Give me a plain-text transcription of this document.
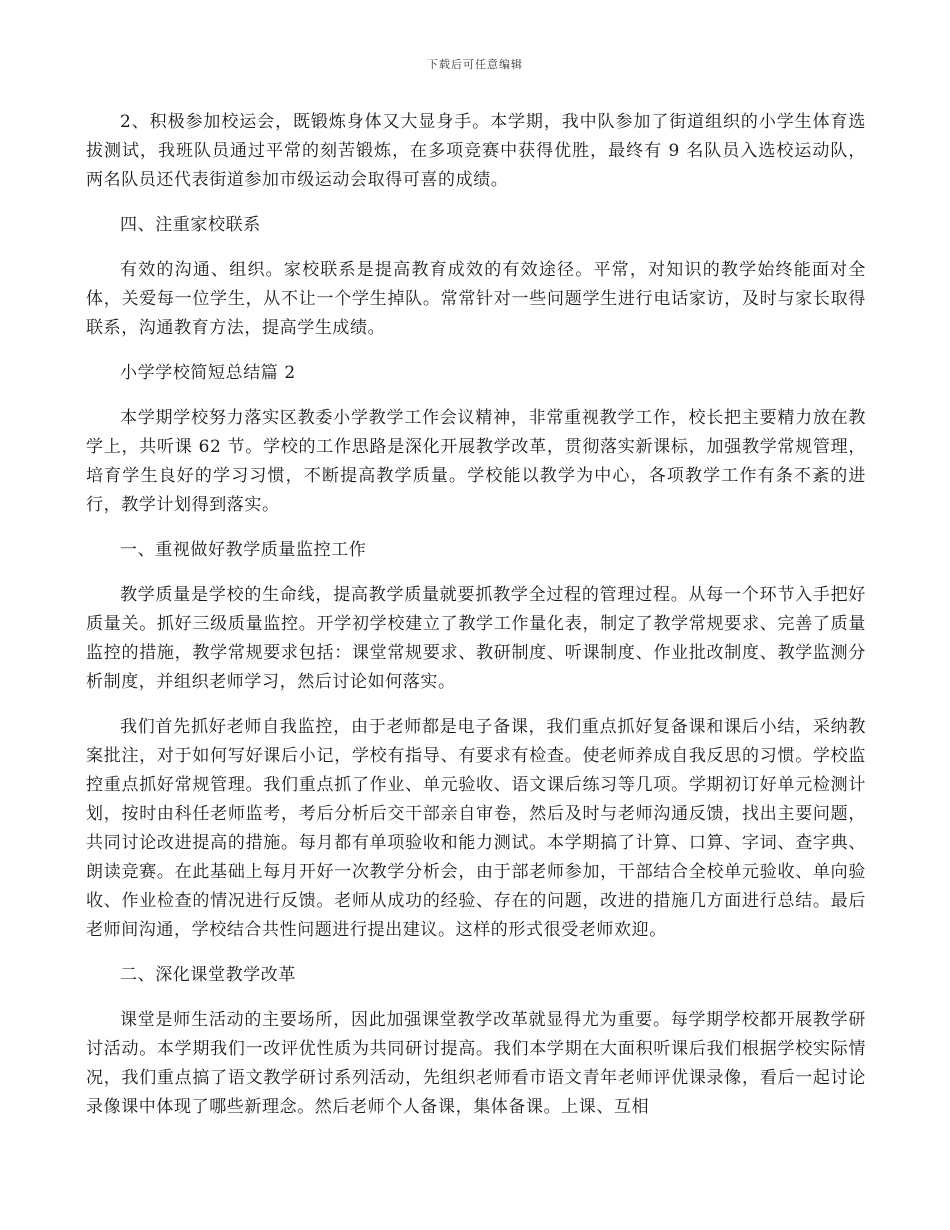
下载后可任意编辑

2、积极参加校运会，既锻炼身体又大显身手。本学期，我中队参加了街道组织的小学生体育选拔测试，我班队员通过平常的刻苦锻炼，在多项竞赛中获得优胜，最终有 9 名队员入选校运动队，两名队员还代表街道参加市级运动会取得可喜的成绩。

四、注重家校联系

有效的沟通、组织。家校联系是提高教育成效的有效途径。平常，对知识的教学始终能面对全体，关爱每一位学生，从不让一个学生掉队。常常针对一些问题学生进行电话家访，及时与家长取得联系，沟通教育方法，提高学生成绩。

小学学校简短总结篇 2

本学期学校努力落实区教委小学教学工作会议精神，非常重视教学工作，校长把主要精力放在教学上，共听课 62 节。学校的工作思路是深化开展教学改革，贯彻落实新课标，加强教学常规管理，培育学生良好的学习习惯，不断提高教学质量。学校能以教学为中心，各项教学工作有条不紊的进行，教学计划得到落实。

一、重视做好教学质量监控工作

教学质量是学校的生命线，提高教学质量就要抓教学全过程的管理过程。从每一个环节入手把好质量关。抓好三级质量监控。开学初学校建立了教学工作量化表，制定了教学常规要求、完善了质量监控的措施，教学常规要求包括：课堂常规要求、教研制度、听课制度、作业批改制度、教学监测分析制度，并组织老师学习，然后讨论如何落实。

我们首先抓好老师自我监控，由于老师都是电子备课，我们重点抓好复备课和课后小结，采纳教案批注，对于如何写好课后小记，学校有指导、有要求有检查。使老师养成自我反思的习惯。学校监控重点抓好常规管理。我们重点抓了作业、单元验收、语文课后练习等几项。学期初订好单元检测计划，按时由科任老师监考，考后分析后交干部亲自审卷，然后及时与老师沟通反馈，找出主要问题，共同讨论改进提高的措施。每月都有单项验收和能力测试。本学期搞了计算、口算、字词、查字典、朗读竞赛。在此基础上每月开好一次教学分析会，由于部老师参加，干部结合全校单元验收、单向验收、作业检查的情况进行反馈。老师从成功的经验、存在的问题，改进的措施几方面进行总结。最后老师间沟通，学校结合共性问题进行提出建议。这样的形式很受老师欢迎。

二、深化课堂教学改革

课堂是师生活动的主要场所，因此加强课堂教学改革就显得尤为重要。每学期学校都开展教学研讨活动。本学期我们一改评优性质为共同研讨提高。我们本学期在大面积听课后我们根据学校实际情况，我们重点搞了语文教学研讨系列活动，先组织老师看市语文青年老师评优课录像，看后一起讨论录像课中体现了哪些新理念。然后老师个人备课，集体备课。上课、互相
